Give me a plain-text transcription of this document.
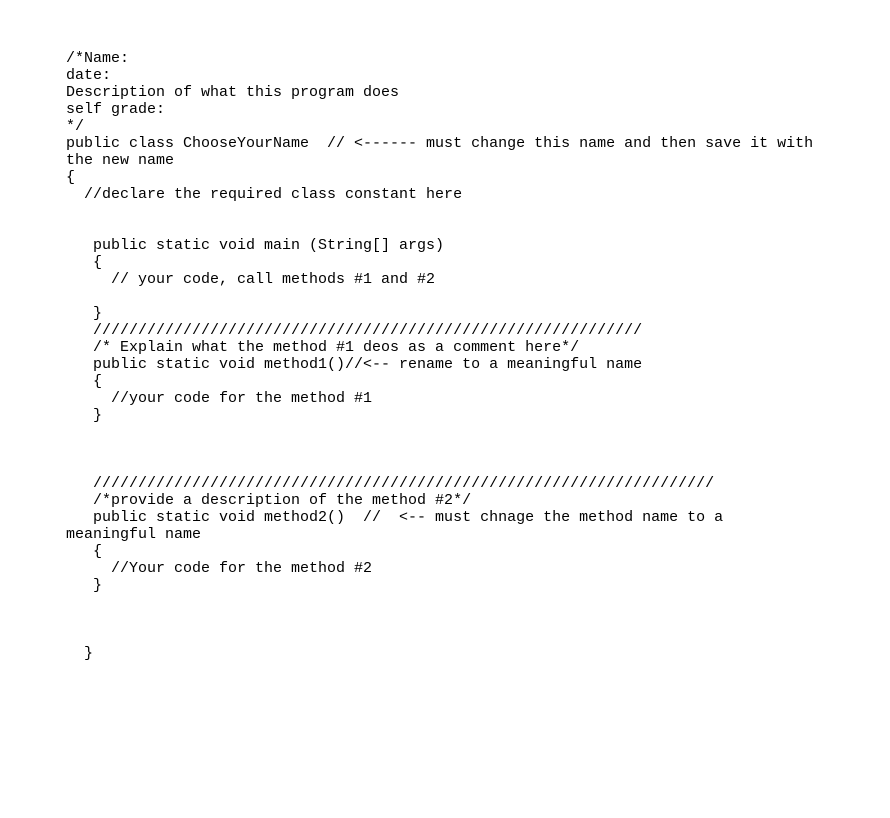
/*Name:
date:
Description of what this program does
self grade:
*/
public class ChooseYourName  // <------ must change this name and then save it with
the new name
{
//declare the required class constant here
public static void main (String[] args)
{
// your code, call methods #1 and #2
}
/////////////////////////////////////////////////////////////
/* Explain what the method #1 deos as a comment here*/
public static void method1()//<-- rename to a meaningful name
{
//your code for the method #1
}
/////////////////////////////////////////////////////////////////////
/*provide a description of the method #2*/
public static void method2()  //  <-- must chnage the method name to a
meaningful name
{
//Your code for the method #2
}
}
